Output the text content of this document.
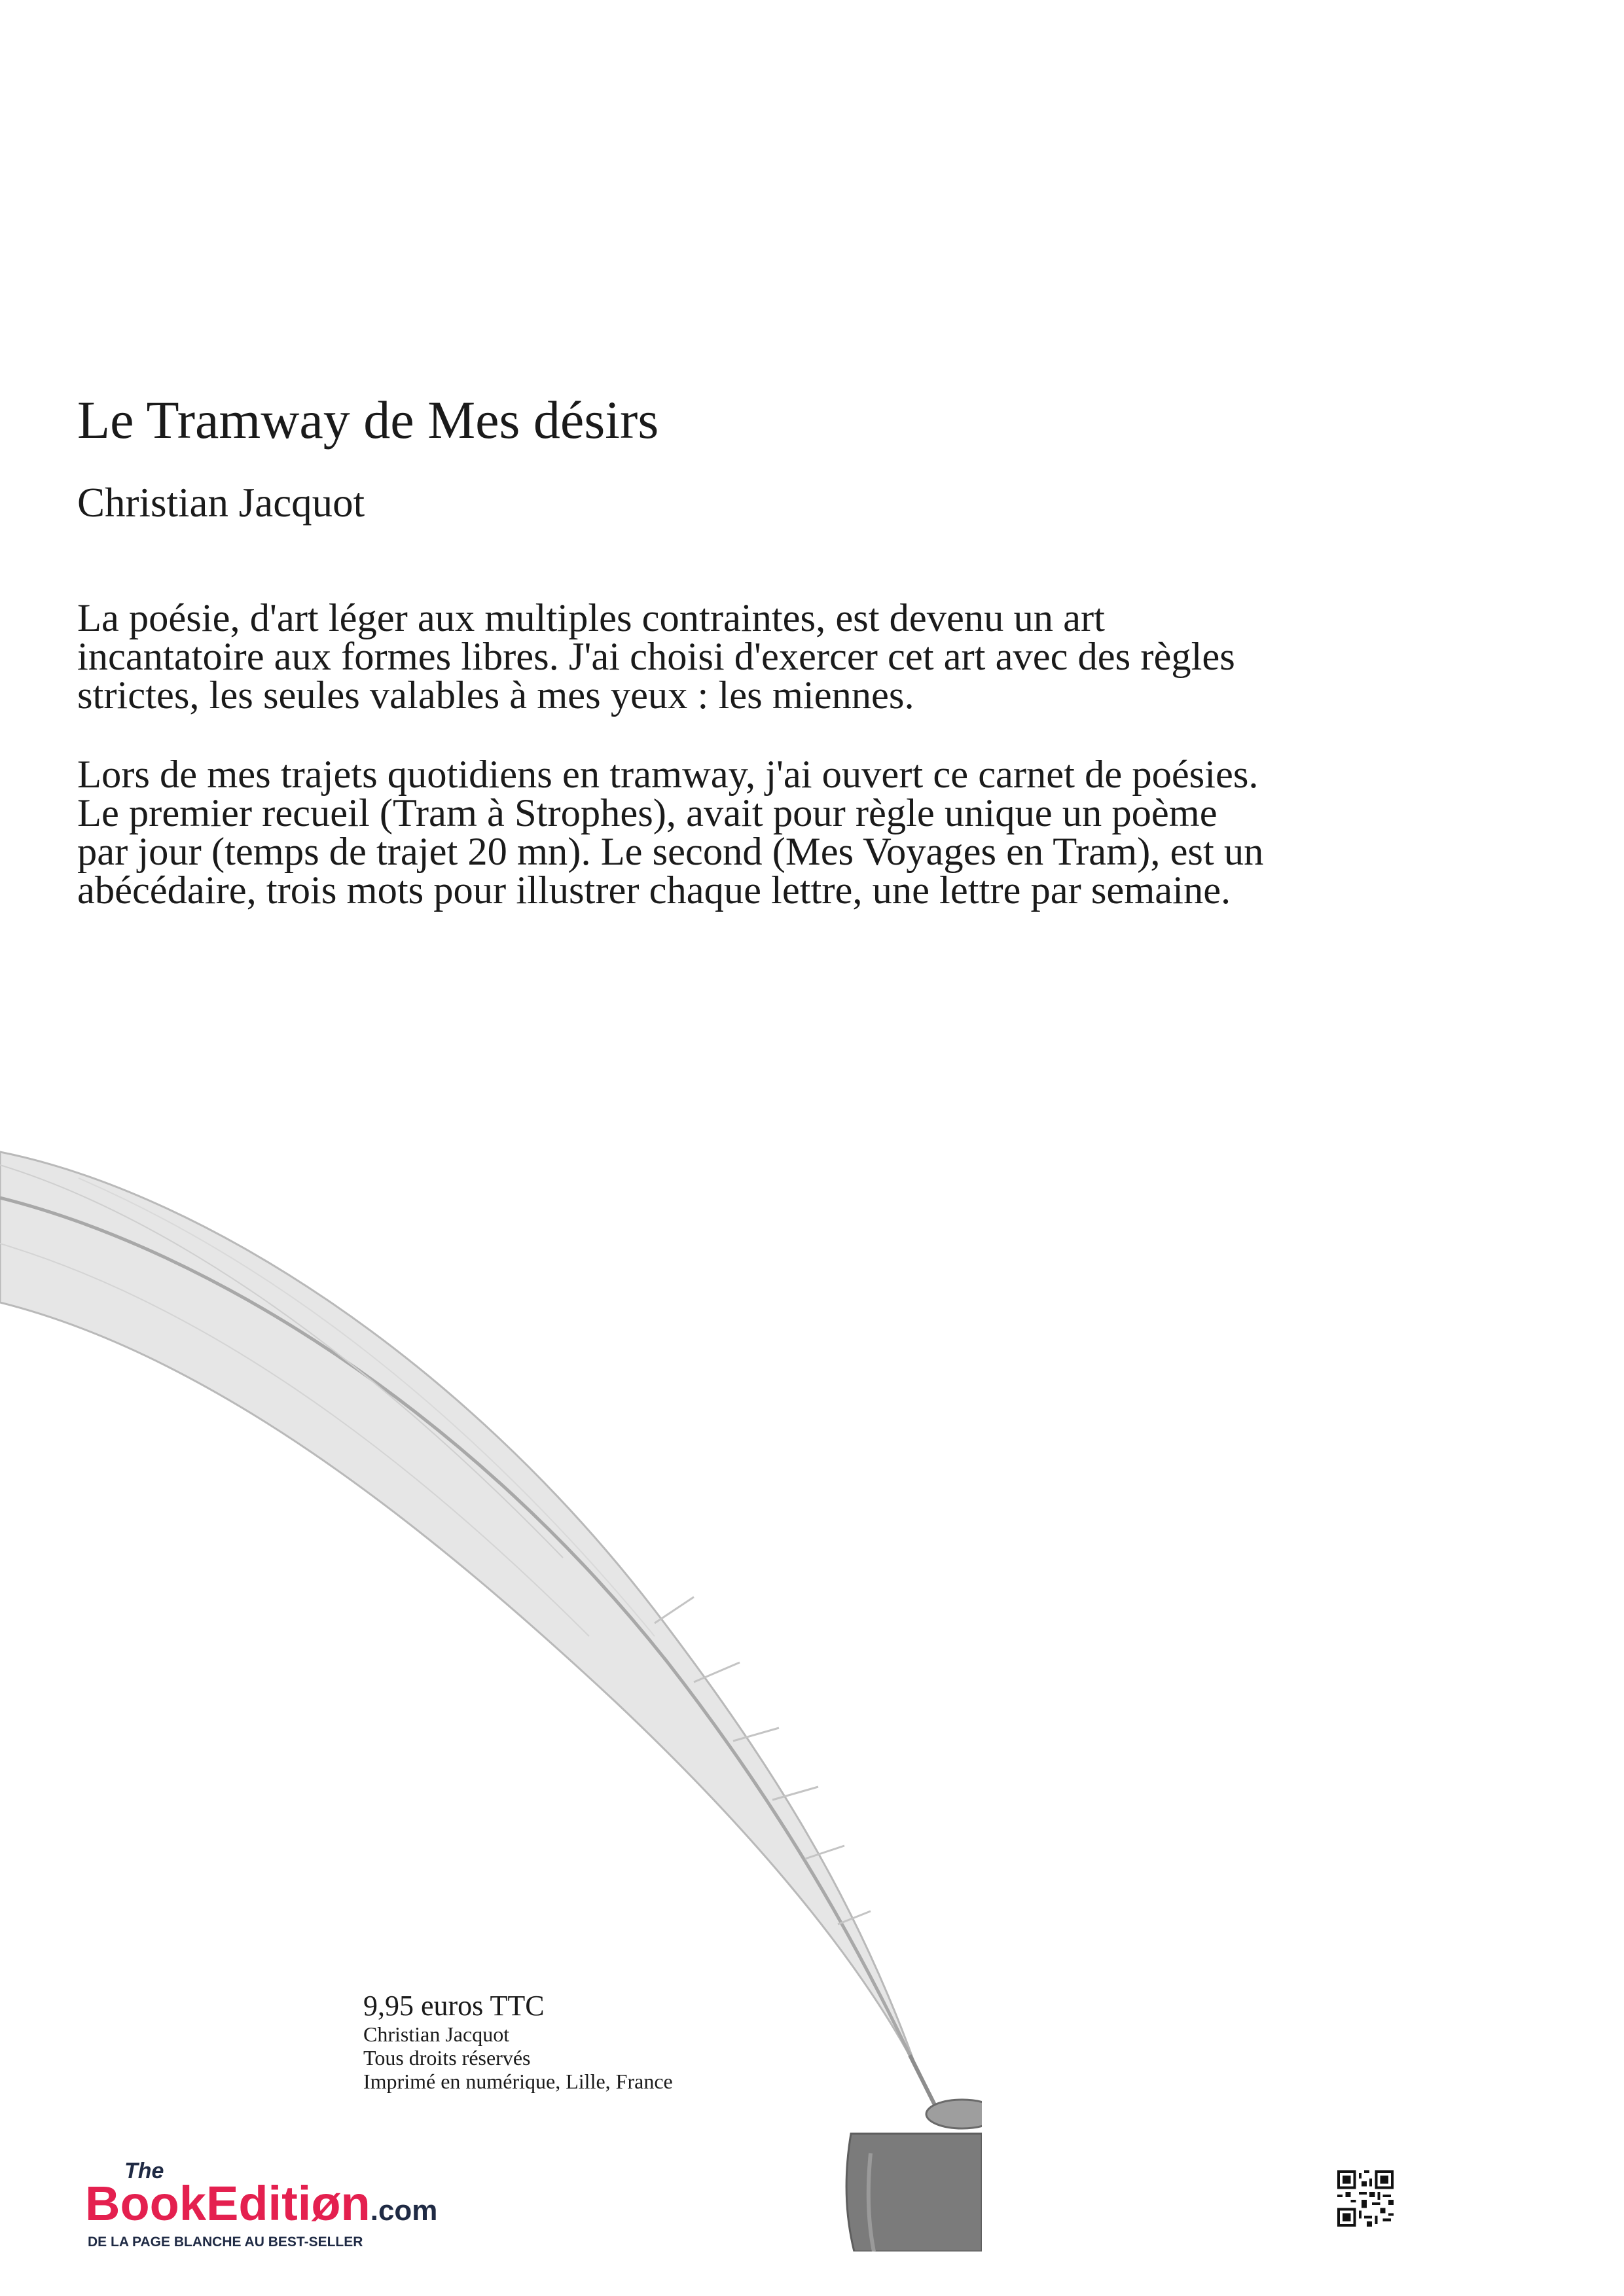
Le Tramway de Mes désirs
Christian Jacquot

La poésie, d'art léger aux multiples contraintes, est devenu un art incantatoire aux formes libres. J'ai choisi d'exercer cet art avec des règles strictes, les seules valables à mes yeux : les miennes.

Lors de mes trajets quotidiens en tramway, j'ai ouvert ce carnet de poésies. Le premier recueil (Tram à Strophes), avait pour règle unique un poème par jour (temps de trajet 20 mn). Le second (Mes Voyages en Tram), est un abécédaire, trois mots pour illustrer chaque lettre, une lettre par semaine.

9,95 euros TTC
Christian Jacquot
Tous droits réservés
Imprimé en numérique, Lille, France
The
BookEditiøn.com
DE LA PAGE BLANCHE AU BEST-SELLER
